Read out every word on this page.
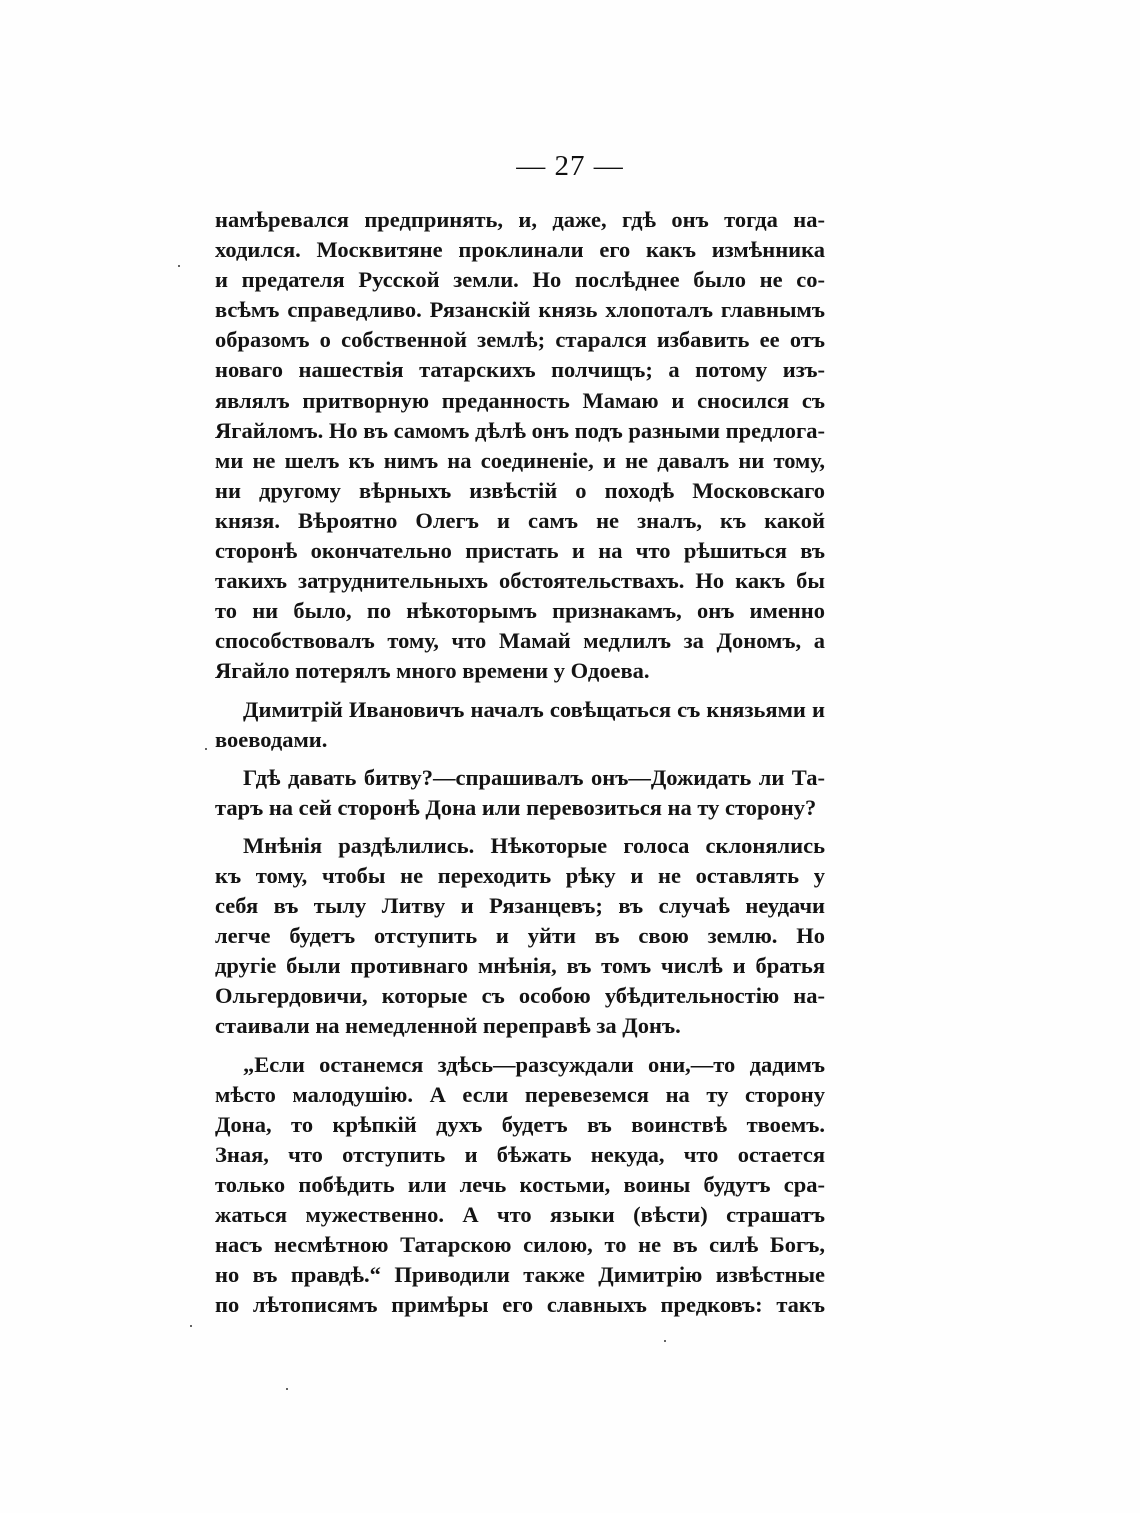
— 27 —
намѣревался предпринять, и, даже, гдѣ онъ тогда на-
ходился. Москвитяне проклинали его какъ измѣнника
и предателя Русской земли. Но послѣднее было не со-
всѣмъ справедливо. Рязанскій князь хлопоталъ главнымъ
образомъ о собственной землѣ; старался избавить ее отъ
новаго нашествія татарскихъ полчищъ; а потому изъ-
являлъ притворную преданность Мамаю и сносился съ
Ягайломъ. Но въ самомъ дѣлѣ онъ подъ разными предлога-
ми не шелъ къ нимъ на соединеніе, и не давалъ ни тому,
ни другому вѣрныхъ извѣстій о походѣ Московскаго
князя. Вѣроятно Олегъ и самъ не зналъ, къ какой
сторонѣ окончательно пристать и на что рѣшиться въ
такихъ затруднительныхъ обстоятельствахъ. Но какъ бы
то ни было, по нѣкоторымъ признакамъ, онъ именно
способствовалъ тому, что Мамай медлилъ за Дономъ, а
Ягайло потерялъ много времени у Одоева.
Димитрій Ивановичъ началъ совѣщаться съ князьями и
воеводами.
Гдѣ давать битву?—спрашивалъ онъ—Дожидать ли Та-
таръ на сей сторонѣ Дона или перевозиться на ту сторону?
Мнѣнія раздѣлились. Нѣкоторые голоса склонялись
къ тому, чтобы не переходить рѣку и не оставлять у
себя въ тылу Литву и Рязанцевъ; въ случаѣ неудачи
легче будетъ отступить и уйти въ свою землю. Но
другіе были противнаго мнѣнія, въ томъ числѣ и братья
Ольгердовичи, которые съ особою убѣдительностію на-
стаивали на немедленной переправѣ за Донъ.
„Если останемся здѣсь—разсуждали они,—то дадимъ
мѣсто малодушію. А если перевеземся на ту сторону
Дона, то крѣпкій духъ будетъ въ воинствѣ твоемъ.
Зная, что отступить и бѣжать некуда, что остается
только побѣдить или лечь костьми, воины будутъ сра-
жаться мужественно. А что языки (вѣсти) страшатъ
насъ несмѣтною Татарскою силою, то не въ силѣ Богъ,
но въ правдѣ.“ Приводили также Димитрію извѣстные
по лѣтописямъ примѣры его славныхъ предковъ: такъ
